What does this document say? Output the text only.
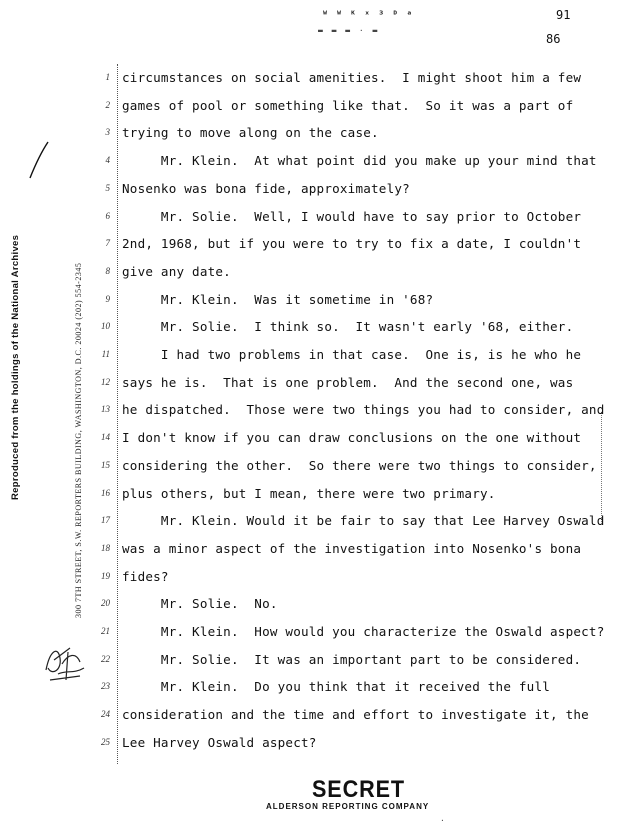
ᵂ ᵂ ᴷ ˣ ³ ᴰ ᵃ
▬ ▬ ▬ · ▬
91
86
Reproduced from the holdings of the National Archives	300 7TH STREET, S.W. REPORTERS BUILDING, WASHINGTON, D.C. 20024 (202) 554-2345
1 circumstances on social amenities.  I might shoot him a few
2 games of pool or something like that.  So it was a part of
3 trying to move along on the case.
4 Mr. Klein.  At what point did you make up your mind that
5 Nosenko was bona fide, approximately?
6 Mr. Solie.  Well, I would have to say prior to October
7 2nd, 1968, but if you were to try to fix a date, I couldn't
8 give any date.
9 Mr. Klein.  Was it sometime in '68?
10 Mr. Solie.  I think so.  It wasn't early '68, either.
11 I had two problems in that case.  One is, is he who he
12 says he is.  That is one problem.  And the second one, was
13 he dispatched.  Those were two things you had to consider, and
14 I don't know if you can draw conclusions on the one without
15 considering the other.  So there were two things to consider,
16 plus others, but I mean, there were two primary.
17 Mr. Klein. Would it be fair to say that Lee Harvey Oswald
18 was a minor aspect of the investigation into Nosenko's bona
19 fides?
20 Mr. Solie.  No.
21 Mr. Klein.  How would you characterize the Oswald aspect?
22 Mr. Solie.  It was an important part to be considered.
23 Mr. Klein.  Do you think that it received the full
24 consideration and the time and effort to investigate it, the
25 Lee Harvey Oswald aspect?
SECRET
ALDERSON REPORTING COMPANY
·
